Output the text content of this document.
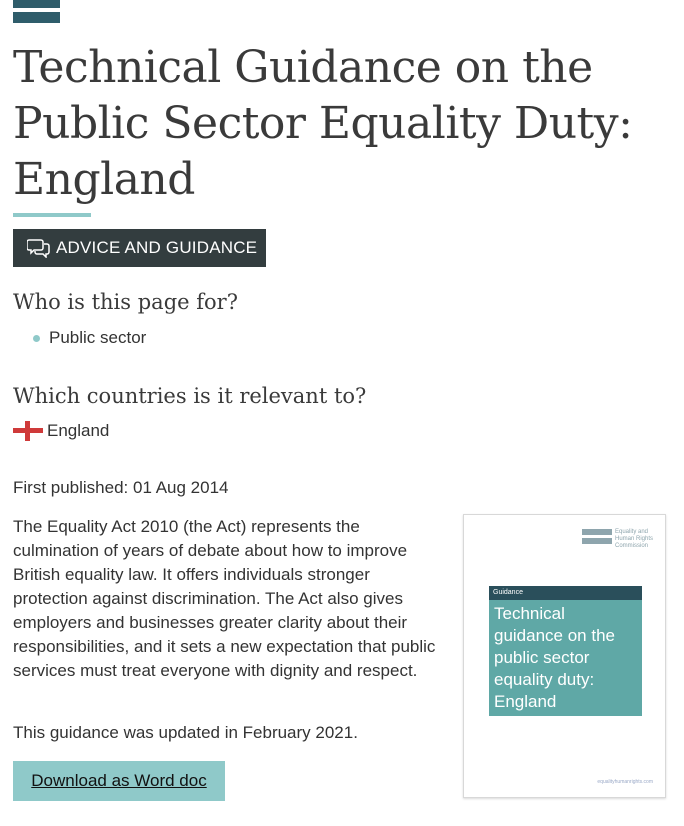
Technical Guidance on the Public Sector Equality Duty: England
ADVICE AND GUIDANCE
Who is this page for?
Public sector
Which countries is it relevant to?
England

First published: 01 Aug 2014

The Equality Act 2010 (the Act) represents the culmination of years of debate about how to improve British equality law. It offers individuals stronger protection against discrimination. The Act also gives employers and businesses greater clarity about their responsibilities, and it sets a new expectation that public services must treat everyone with dignity and respect.

This guidance was updated in February 2021.

Download as Word doc
Equality and Human Rights Commission
Guidance
Technical guidance on the public sector equality duty: England
equalityhumanrights.com
